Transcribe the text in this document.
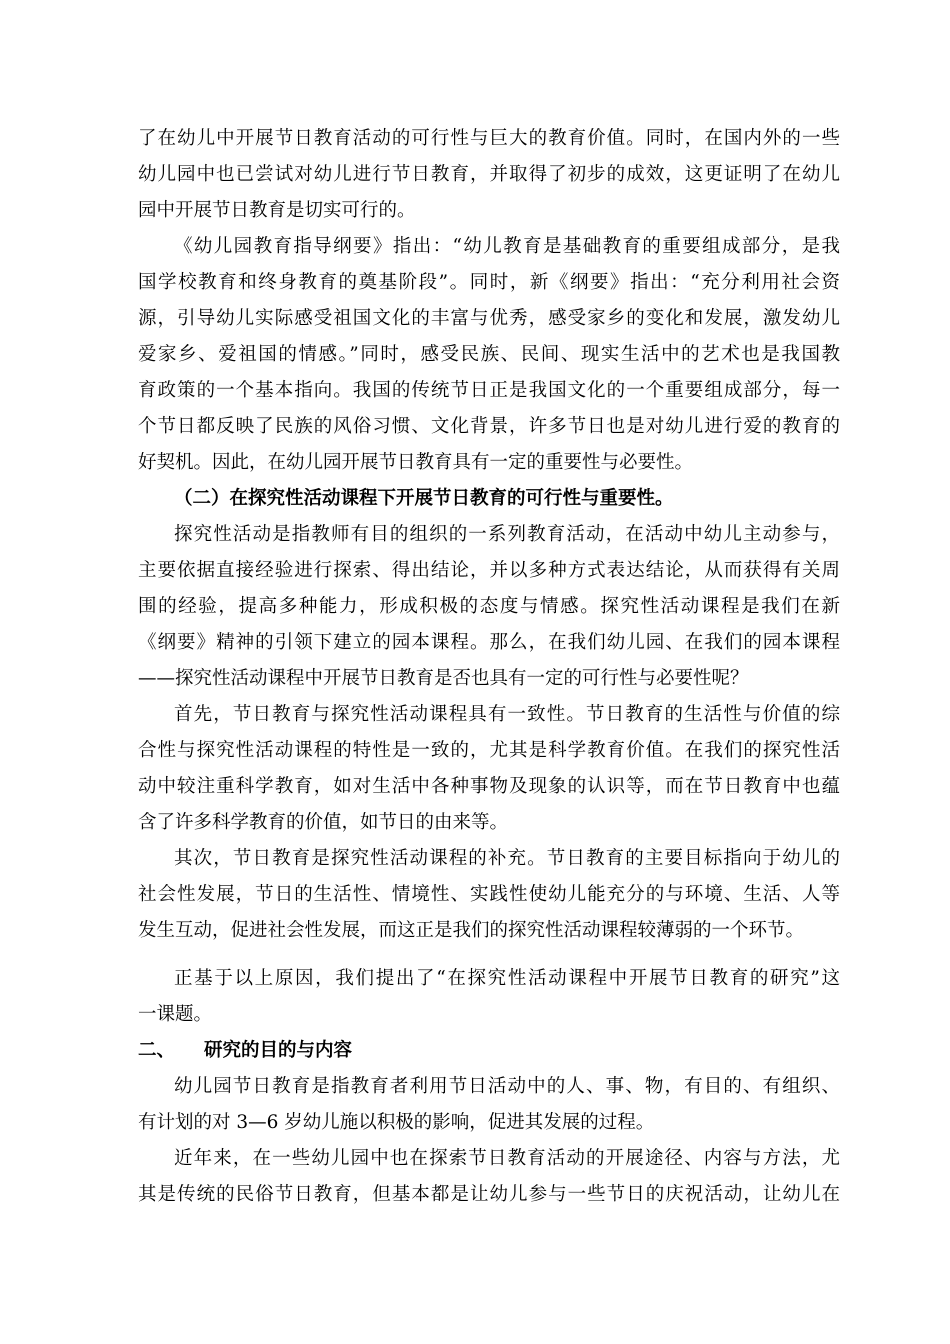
了在幼儿中开展节日教育活动的可行性与巨大的教育价值。同时，在国内外的一些
幼儿园中也已尝试对幼儿进行节日教育，并取得了初步的成效，这更证明了在幼儿
园中开展节日教育是切实可行的。
《幼儿园教育指导纲要》指出：“幼儿教育是基础教育的重要组成部分，是我
国学校教育和终身教育的奠基阶段”。同时，新《纲要》指出：“充分利用社会资
源，引导幼儿实际感受祖国文化的丰富与优秀，感受家乡的变化和发展，激发幼儿
爱家乡、爱祖国的情感。”同时，感受民族、民间、现实生活中的艺术也是我国教
育政策的一个基本指向。我国的传统节日正是我国文化的一个重要组成部分，每一
个节日都反映了民族的风俗习惯、文化背景，许多节日也是对幼儿进行爱的教育的
好契机。因此，在幼儿园开展节日教育具有一定的重要性与必要性。
（二）在探究性活动课程下开展节日教育的可行性与重要性。
探究性活动是指教师有目的组织的一系列教育活动，在活动中幼儿主动参与，
主要依据直接经验进行探索、得出结论，并以多种方式表达结论，从而获得有关周
围的经验，提高多种能力，形成积极的态度与情感。探究性活动课程是我们在新
《纲要》精神的引领下建立的园本课程。那么，在我们幼儿园、在我们的园本课程
——探究性活动课程中开展节日教育是否也具有一定的可行性与必要性呢？
首先，节日教育与探究性活动课程具有一致性。节日教育的生活性与价值的综
合性与探究性活动课程的特性是一致的，尤其是科学教育价值。在我们的探究性活
动中较注重科学教育，如对生活中各种事物及现象的认识等，而在节日教育中也蕴
含了许多科学教育的价值，如节日的由来等。
其次，节日教育是探究性活动课程的补充。节日教育的主要目标指向于幼儿的
社会性发展，节日的生活性、情境性、实践性使幼儿能充分的与环境、生活、人等
发生互动，促进社会性发展，而这正是我们的探究性活动课程较薄弱的一个环节。
正基于以上原因，我们提出了“在探究性活动课程中开展节日教育的研究”这
一课题。
二、 研究的目的与内容
幼儿园节日教育是指教育者利用节日活动中的人、事、物，有目的、有组织、
有计划的对 3—6 岁幼儿施以积极的影响，促进其发展的过程。
近年来，在一些幼儿园中也在探索节日教育活动的开展途径、内容与方法，尤
其是传统的民俗节日教育，但基本都是让幼儿参与一些节日的庆祝活动，让幼儿在
